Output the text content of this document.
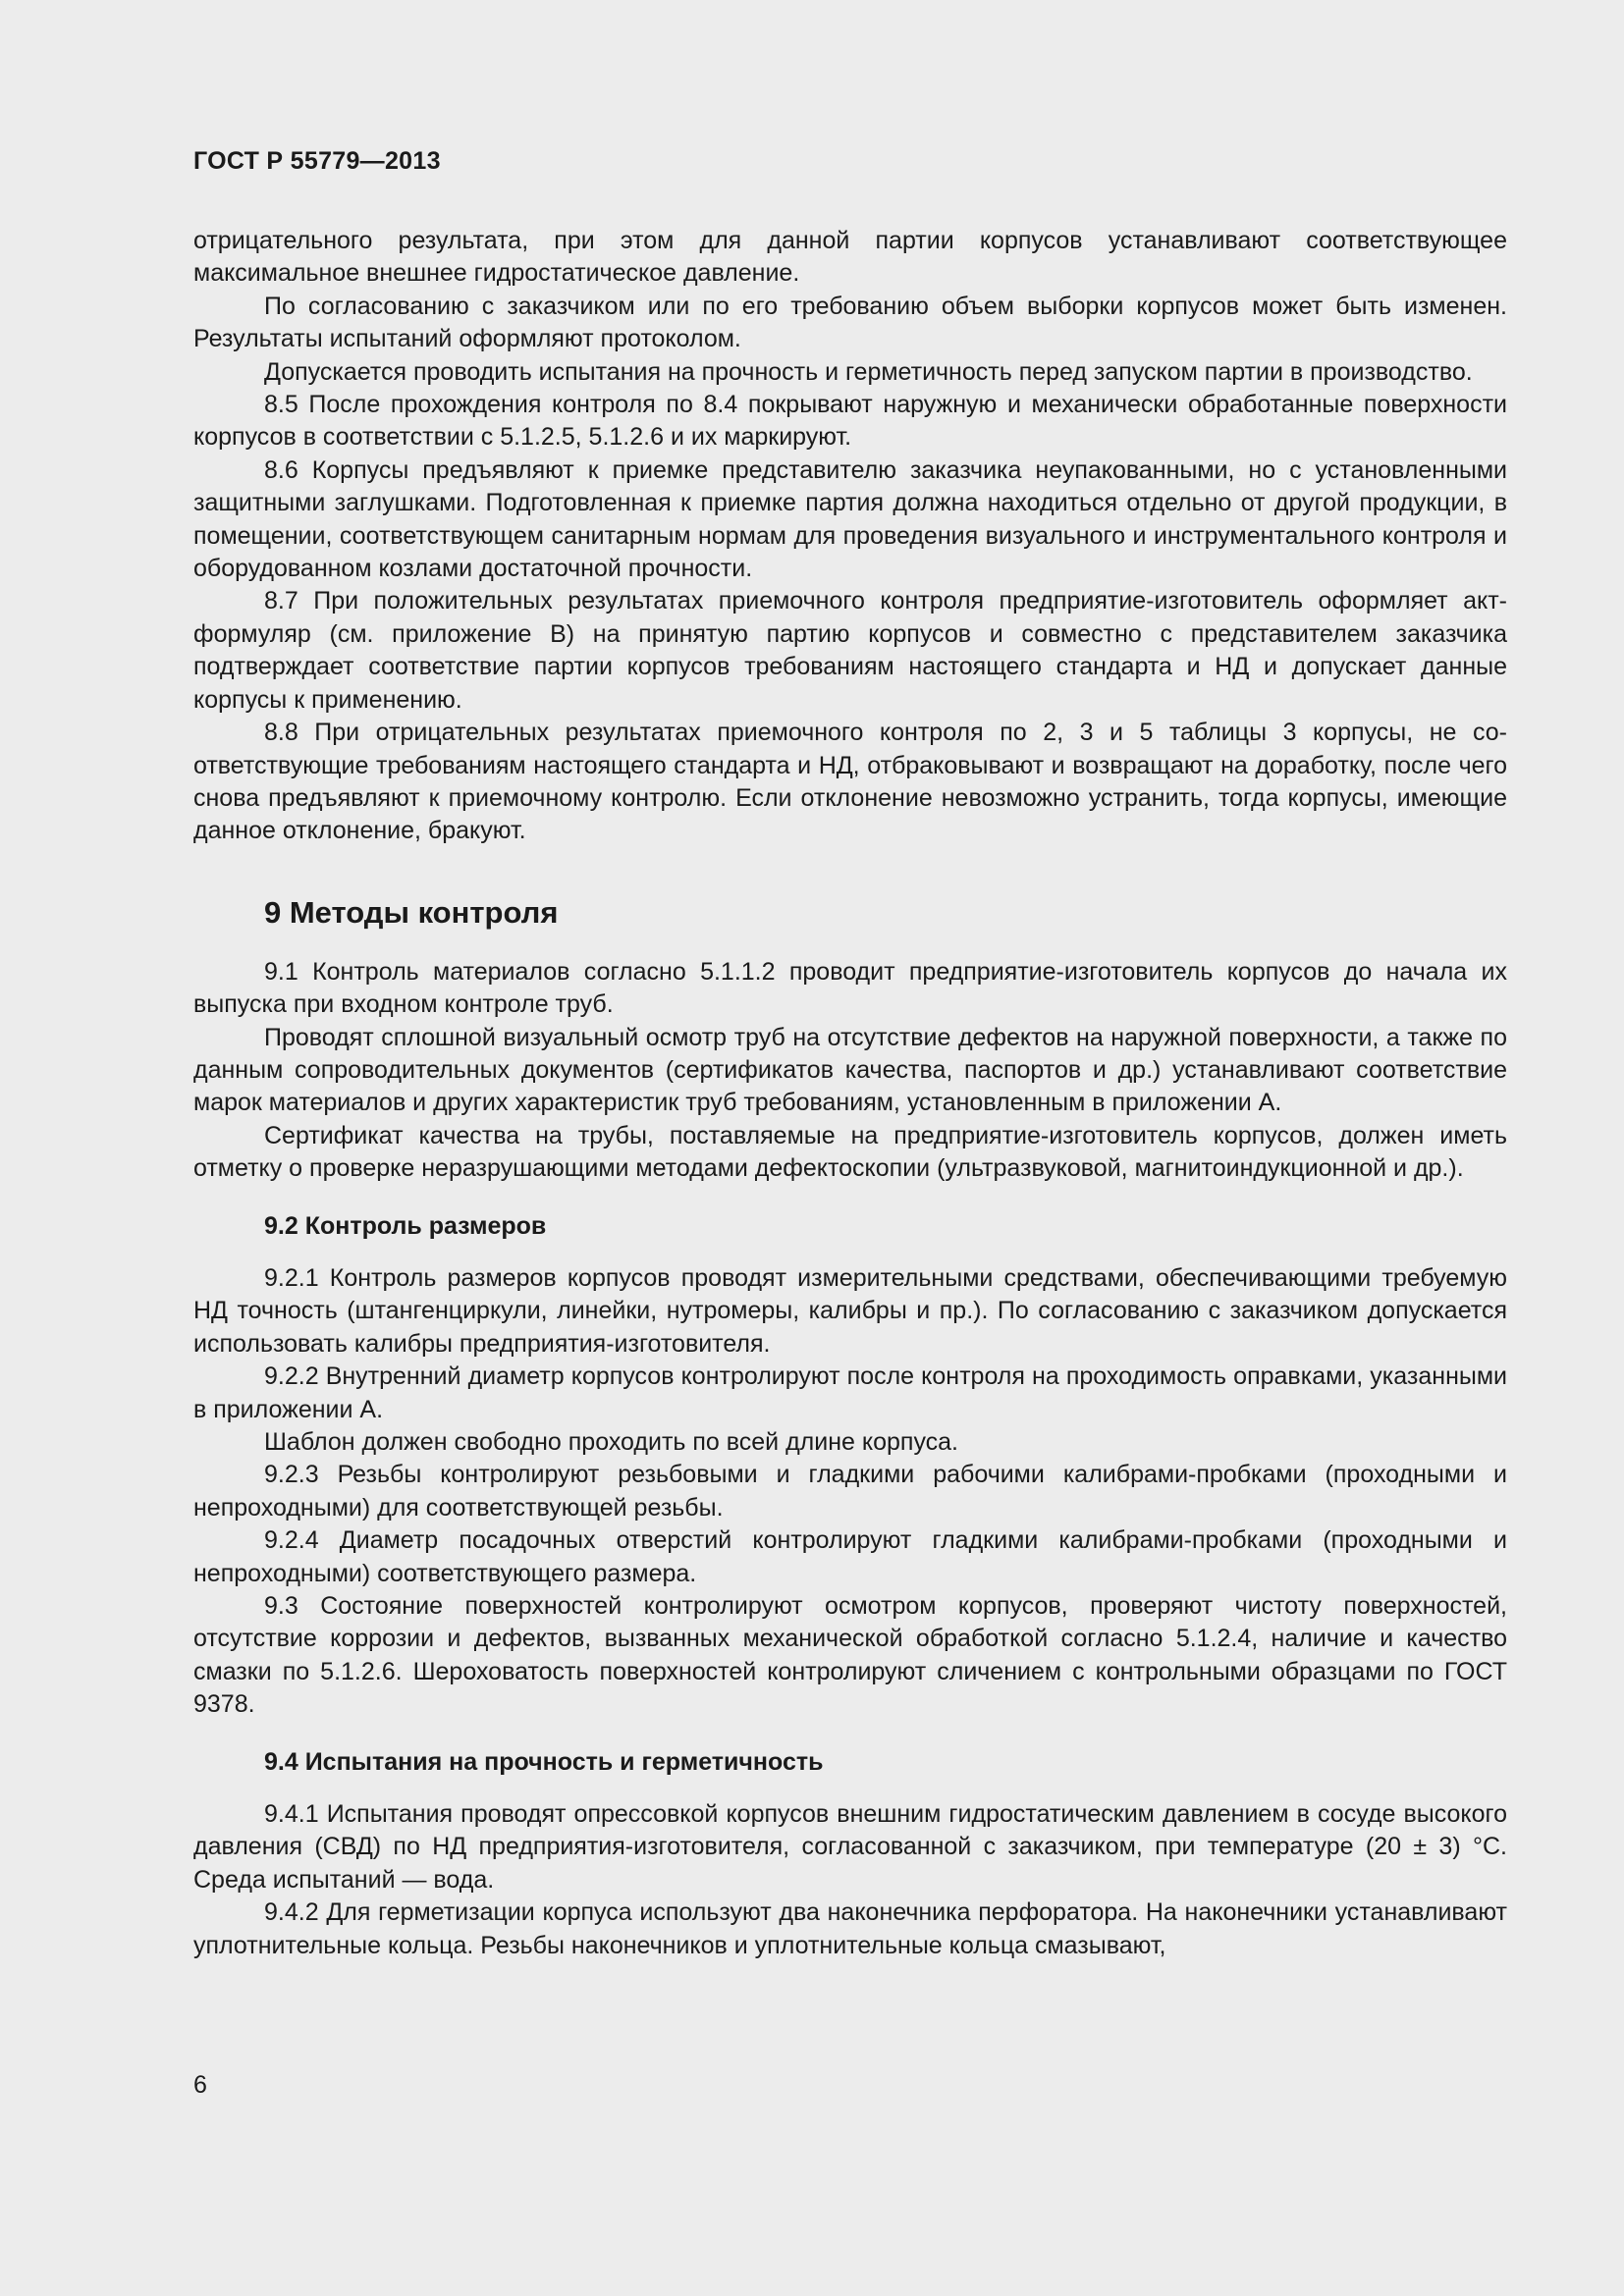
ГОСТ Р 55779—2013

отрицательного результата, при этом для данной партии корпусов устанавливают соответствующее максимальное внешнее гидростатическое давление.

По согласованию с заказчиком или по его требованию объем выборки корпусов может быть изменен. Результаты испытаний оформляют протоколом.

Допускается проводить испытания на прочность и герметичность перед запуском партии в производство.

8.5 После прохождения контроля по 8.4 покрывают наружную и механически обработанные поверхности корпусов в соответствии с 5.1.2.5, 5.1.2.6 и их маркируют.

8.6 Корпусы предъявляют к приемке представителю заказчика неупакованными, но с установленными защитными заглушками. Подготовленная к приемке партия должна находиться отдельно от другой продукции, в помещении, соответствующем санитарным нормам для проведения визуального и инструментального контроля и оборудованном козлами достаточной прочности.

8.7 При положительных результатах приемочного контроля предприятие-изготовитель оформляет акт-формуляр (см. приложение В) на принятую партию корпусов и совместно с представителем заказчика подтверждает соответствие партии корпусов требованиям настоящего стандарта и НД и допускает данные корпусы к применению.

8.8 При отрицательных результатах приемочного контроля по 2, 3 и 5 таблицы 3 корпусы, не соответствующие требованиям настоящего стандарта и НД, отбраковывают и возвращают на доработку, после чего снова предъявляют к приемочному контролю. Если отклонение невозможно устранить, тогда корпусы, имеющие данное отклонение, бракуют.

9 Методы контроля

9.1 Контроль материалов согласно 5.1.1.2 проводит предприятие-изготовитель корпусов до начала их выпуска при входном контроле труб.

Проводят сплошной визуальный осмотр труб на отсутствие дефектов на наружной поверхности, а также по данным сопроводительных документов (сертификатов качества, паспортов и др.) устанавливают соответствие марок материалов и других характеристик труб требованиям, установленным в приложении А.

Сертификат качества на трубы, поставляемые на предприятие-изготовитель корпусов, должен иметь отметку о проверке неразрушающими методами дефектоскопии (ультразвуковой, магнитоиндукционной и др.).

9.2 Контроль размеров

9.2.1 Контроль размеров корпусов проводят измерительными средствами, обеспечивающими требуемую НД точность (штангенциркули, линейки, нутромеры, калибры и пр.). По согласованию с заказчиком допускается использовать калибры предприятия-изготовителя.

9.2.2 Внутренний диаметр корпусов контролируют после контроля на проходимость оправками, указанными в приложении А.

Шаблон должен свободно проходить по всей длине корпуса.

9.2.3 Резьбы контролируют резьбовыми и гладкими рабочими калибрами-пробками (проходными и непроходными) для соответствующей резьбы.

9.2.4 Диаметр посадочных отверстий контролируют гладкими калибрами-пробками (проходными и непроходными) соответствующего размера.

9.3 Состояние поверхностей контролируют осмотром корпусов, проверяют чистоту поверхностей, отсутствие коррозии и дефектов, вызванных механической обработкой согласно 5.1.2.4, наличие и качество смазки по 5.1.2.6. Шероховатость поверхностей контролируют сличением с контрольными образцами по ГОСТ 9378.

9.4 Испытания на прочность и герметичность

9.4.1 Испытания проводят опрессовкой корпусов внешним гидростатическим давлением в сосуде высокого давления (СВД) по НД предприятия-изготовителя, согласованной с заказчиком, при температуре (20 ± 3) °С. Среда испытаний — вода.

9.4.2 Для герметизации корпуса используют два наконечника перфоратора. На наконечники устанавливают уплотнительные кольца. Резьбы наконечников и уплотнительные кольца смазывают,

6
